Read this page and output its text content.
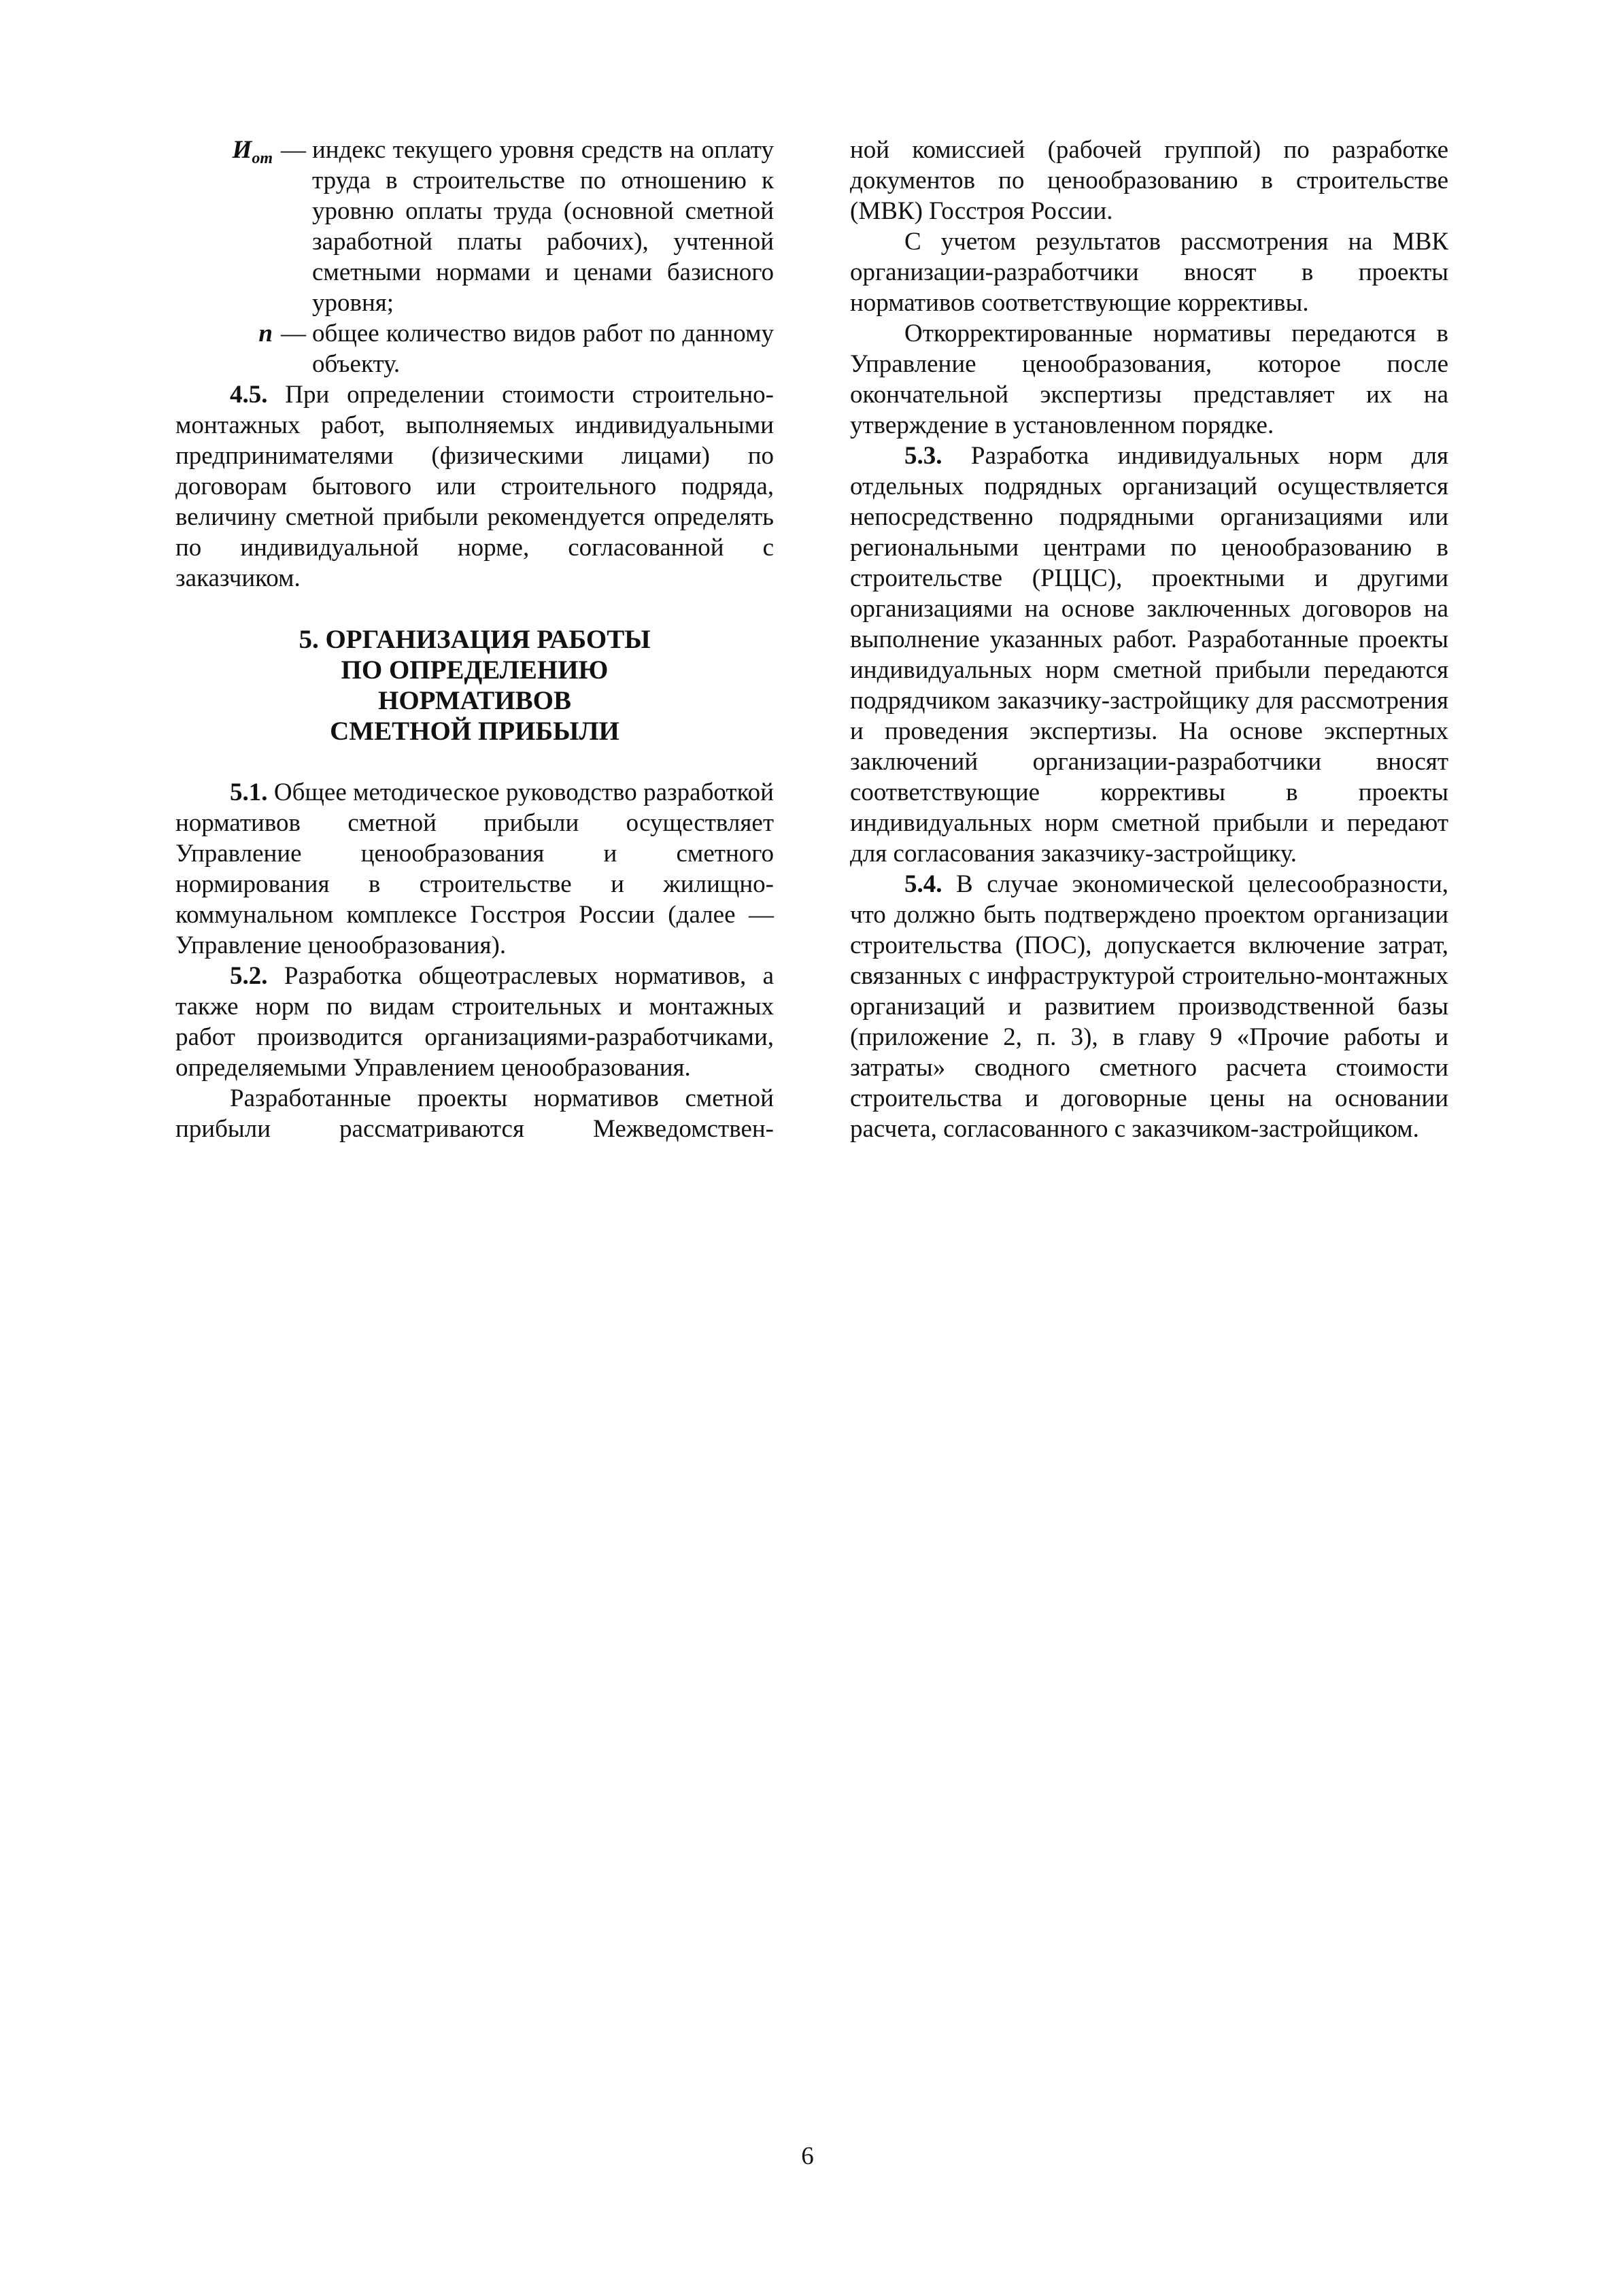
$И_{от}$ — индекс текущего уровня средств на оплату труда в строительстве по отношению к уровню оплаты труда (основной сметной заработной платы рабочих), учтенной сметными нормами и ценами базисного уровня;
n — общее количество видов работ по данному объекту.

4.5. При определении стоимости строительно-монтажных работ, выполняемых индивидуальными предпринимателями (физическими лицами) по договорам бытового или строительного подряда, величину сметной прибыли рекомендуется определять по индивидуальной норме, согласованной с заказчиком.

5. ОРГАНИЗАЦИЯ РАБОТЫ
ПО ОПРЕДЕЛЕНИЮ
НОРМАТИВОВ
СМЕТНОЙ ПРИБЫЛИ

5.1. Общее методическое руководство разработкой нормативов сметной прибыли осуществляет Управление ценообразования и сметного нормирования в строительстве и жилищно-коммунальном комплексе Госстроя России (далее — Управление ценообразования).

5.2. Разработка общеотраслевых нормативов, а также норм по видам строительных и монтажных работ производится организациями-разработчиками, определяемыми Управлением ценообразования.

Разработанные проекты нормативов сметной прибыли рассматриваются Межведомствен-

ной комиссией (рабочей группой) по разработке документов по ценообразованию в строительстве (МВК) Госстроя России.

С учетом результатов рассмотрения на МВК организации-разработчики вносят в проекты нормативов соответствующие коррективы.

Откорректированные нормативы передаются в Управление ценообразования, которое после окончательной экспертизы представляет их на утверждение в установленном порядке.

5.3. Разработка индивидуальных норм для отдельных подрядных организаций осуществляется непосредственно подрядными организациями или региональными центрами по ценообразованию в строительстве (РЦЦС), проектными и другими организациями на основе заключенных договоров на выполнение указанных работ. Разработанные проекты индивидуальных норм сметной прибыли передаются подрядчиком заказчику-застройщику для рассмотрения и проведения экспертизы. На основе экспертных заключений организации-разработчики вносят соответствующие коррективы в проекты индивидуальных норм сметной прибыли и передают для согласования заказчику-застройщику.

5.4. В случае экономической целесообразности, что должно быть подтверждено проектом организации строительства (ПОС), допускается включение затрат, связанных с инфраструктурой строительно-монтажных организаций и развитием производственной базы (приложение 2, п. 3), в главу 9 «Прочие работы и затраты» сводного сметного расчета стоимости строительства и договорные цены на основании расчета, согласованного с заказчиком-застройщиком.

6
